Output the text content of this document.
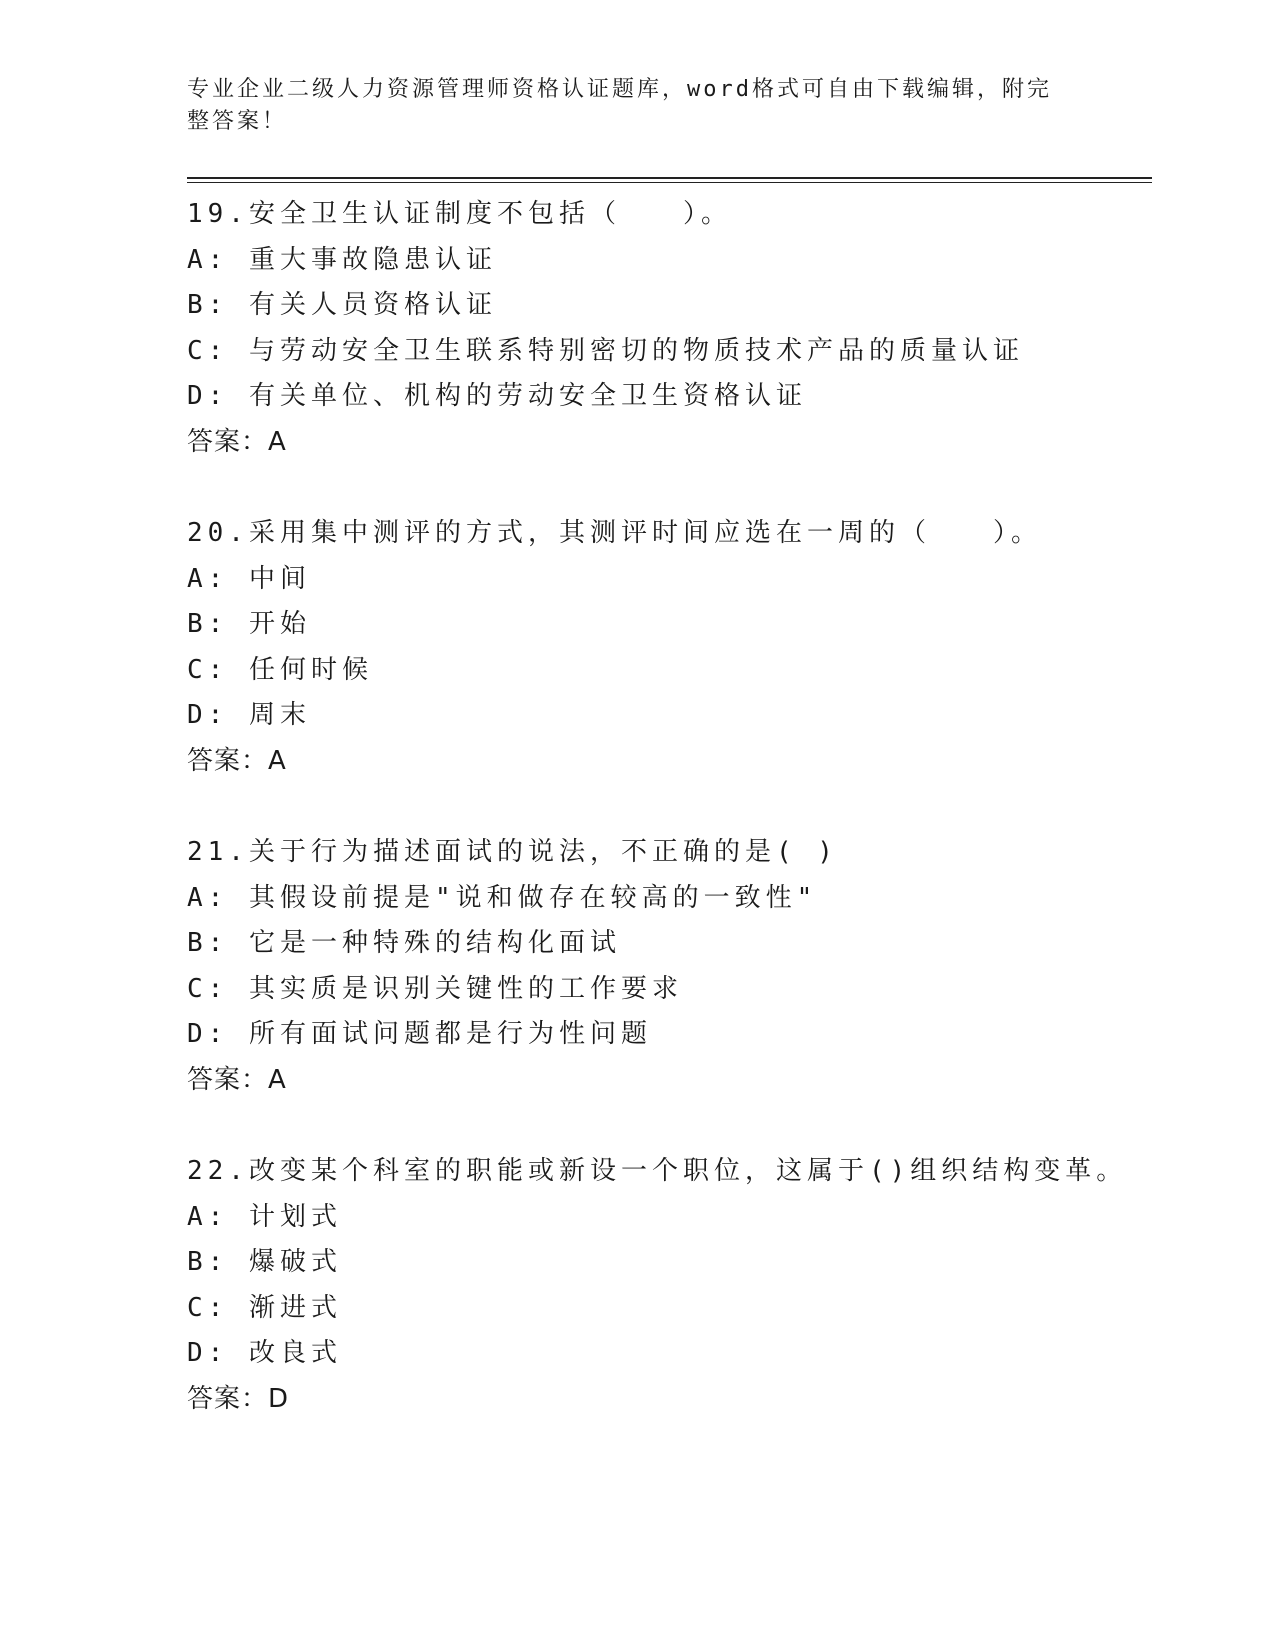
专业企业二级人力资源管理师资格认证题库，word格式可自由下载编辑，附完整答案！
19.安全卫生认证制度不包括（　　）。
A: 重大事故隐患认证
B: 有关人员资格认证
C: 与劳动安全卫生联系特别密切的物质技术产品的质量认证
D: 有关单位、机构的劳动安全卫生资格认证
答案：A
20.采用集中测评的方式，其测评时间应选在一周的（　　）。
A: 中间
B: 开始
C: 任何时候
D: 周末
答案：A
21.关于行为描述面试的说法，不正确的是( )
A: 其假设前提是"说和做存在较高的一致性"
B: 它是一种特殊的结构化面试
C: 其实质是识别关键性的工作要求
D: 所有面试问题都是行为性问题
答案：A
22.改变某个科室的职能或新设一个职位，这属于()组织结构变革。
A: 计划式
B: 爆破式
C: 渐进式
D: 改良式
答案：D
